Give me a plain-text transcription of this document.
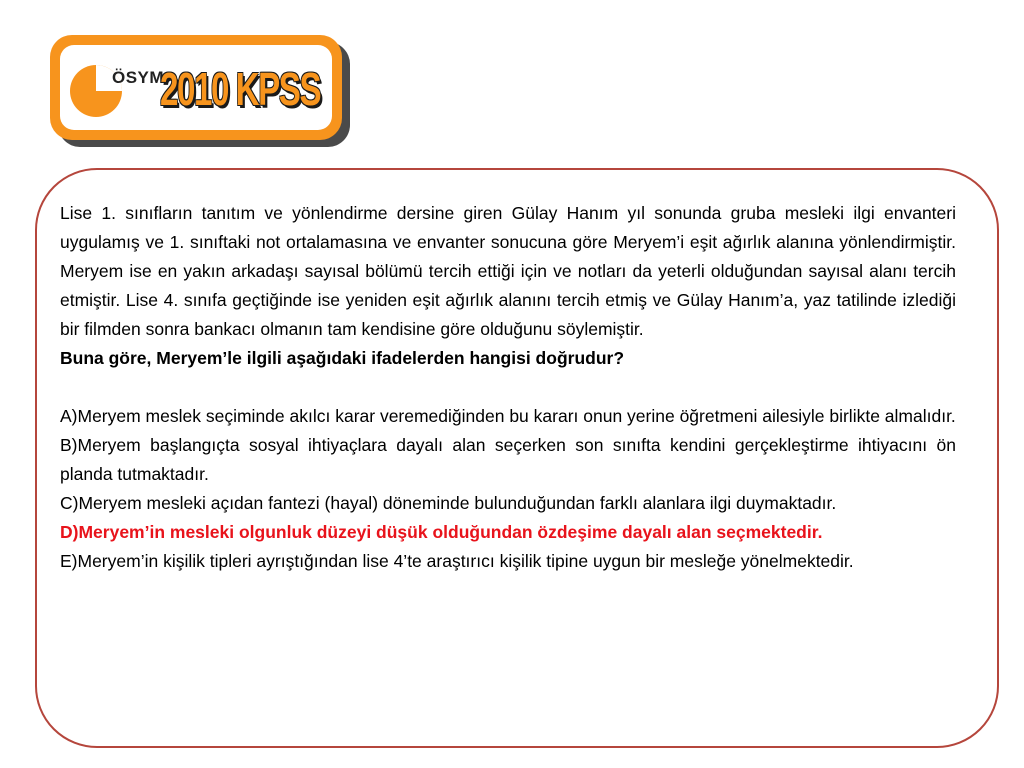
ÖSYM
2010 KPSS

Lise 1. sınıfların tanıtım ve yönlendirme dersine giren Gülay Hanım yıl sonunda gruba mesleki ilgi envanteri uygulamış ve 1. sınıftaki not ortalamasına ve envanter sonucuna göre Meryem’i eşit ağırlık alanına yönlendirmiştir. Meryem ise en yakın arkadaşı sayısal bölümü tercih ettiği için ve notları da yeterli olduğundan sayısal alanı tercih etmiştir. Lise 4. sınıfa geçtiğinde ise yeniden eşit ağırlık alanını tercih etmiş ve Gülay Hanım’a, yaz tatilinde izlediği bir filmden sonra bankacı olmanın tam kendisine göre olduğunu söylemiştir.

Buna göre, Meryem’le ilgili aşağıdaki ifadelerden hangisi doğrudur?

A)Meryem meslek seçiminde akılcı karar veremediğinden bu kararı onun yerine öğretmeni ailesiyle birlikte almalıdır.

B)Meryem başlangıçta sosyal ihtiyaçlara dayalı alan seçerken son sınıfta kendini gerçekleştirme ihtiyacını ön planda tutmaktadır.

C)Meryem mesleki açıdan fantezi (hayal) döneminde bulunduğundan farklı alanlara ilgi duymaktadır.

D)Meryem’in mesleki olgunluk düzeyi düşük olduğundan özdeşime dayalı alan seçmektedir.

E)Meryem’in kişilik tipleri ayrıştığından lise 4’te araştırıcı kişilik tipine uygun bir mesleğe yönelmektedir.
